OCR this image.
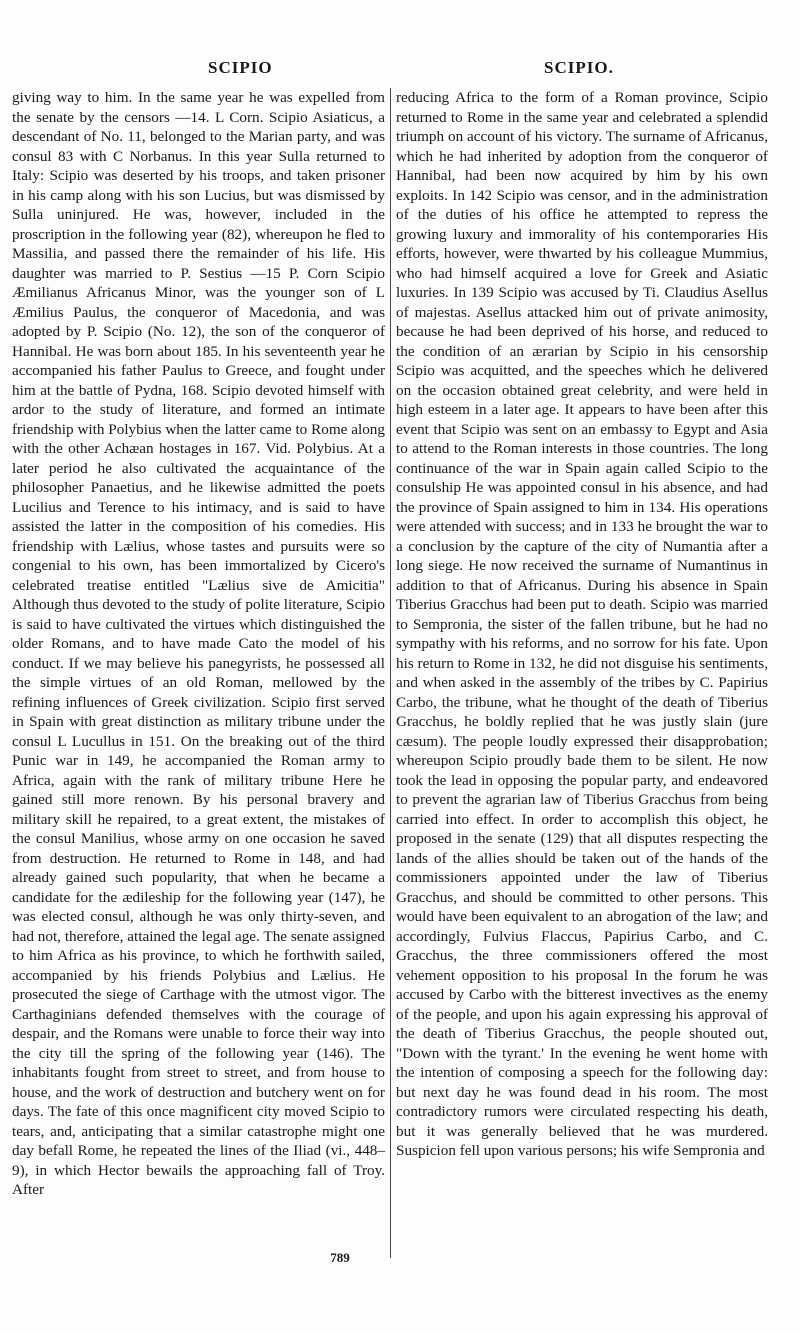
SCIPIO	SCIPIO.

giving way to him. In the same year he was expelled from the senate by the censors —14. L Corn. Scipio Asiaticus, a descendant of No. 11, belonged to the Marian party, and was consul 83 with C Norbanus. In this year Sulla returned to Italy: Scipio was deserted by his troops, and taken prisoner in his camp along with his son Lucius, but was dismissed by Sulla uninjured. He was, however, included in the proscription in the following year (82), whereupon he fled to Massilia, and passed there the remainder of his life. His daughter was married to P. Sestius —15 P. Corn Scipio Æmilianus Africanus Minor, was the younger son of L Æmilius Paulus, the conqueror of Macedonia, and was adopted by P. Scipio (No. 12), the son of the conqueror of Hannibal. He was born about 185. In his seventeenth year he accompanied his father Paulus to Greece, and fought under him at the battle of Pydna, 168. Scipio devoted himself with ardor to the study of literature, and formed an intimate friendship with Polybius when the latter came to Rome along with the other Achæan hostages in 167. Vid. Polybius. At a later period he also cultivated the acquaintance of the philosopher Panaetius, and he likewise admitted the poets Lucilius and Terence to his intimacy, and is said to have assisted the latter in the composition of his comedies. His friendship with Lælius, whose tastes and pursuits were so congenial to his own, has been immortalized by Cicero's celebrated treatise entitled "Lælius sive de Amicitia" Although thus devoted to the study of polite literature, Scipio is said to have cultivated the virtues which distinguished the older Romans, and to have made Cato the model of his conduct. If we may believe his panegyrists, he possessed all the simple virtues of an old Roman, mellowed by the refining influences of Greek civilization. Scipio first served in Spain with great distinction as military tribune under the consul L Lucullus in 151. On the breaking out of the third Punic war in 149, he accompanied the Roman army to Africa, again with the rank of military tribune Here he gained still more renown. By his personal bravery and military skill he repaired, to a great extent, the mistakes of the consul Manilius, whose army on one occasion he saved from destruction. He returned to Rome in 148, and had already gained such popularity, that when he became a candidate for the ædileship for the following year (147), he was elected consul, although he was only thirty-seven, and had not, therefore, attained the legal age. The senate assigned to him Africa as his province, to which he forthwith sailed, accompanied by his friends Polybius and Lælius. He prosecuted the siege of Carthage with the utmost vigor. The Carthaginians defended themselves with the courage of despair, and the Romans were unable to force their way into the city till the spring of the following year (146). The inhabitants fought from street to street, and from house to house, and the work of destruction and butchery went on for days. The fate of this once magnificent city moved Scipio to tears, and, anticipating that a similar catastrophe might one day befall Rome, he repeated the lines of the Iliad (vi., 448–9), in which Hector bewails the approaching fall of Troy. After

reducing Africa to the form of a Roman province, Scipio returned to Rome in the same year and celebrated a splendid triumph on account of his victory. The surname of Africanus, which he had inherited by adoption from the conqueror of Hannibal, had been now acquired by him by his own exploits. In 142 Scipio was censor, and in the administration of the duties of his office he attempted to repress the growing luxury and immorality of his contemporaries His efforts, however, were thwarted by his colleague Mummius, who had himself acquired a love for Greek and Asiatic luxuries. In 139 Scipio was accused by Ti. Claudius Asellus of majestas. Asellus attacked him out of private animosity, because he had been deprived of his horse, and reduced to the condition of an ærarian by Scipio in his censorship Scipio was acquitted, and the speeches which he delivered on the occasion obtained great celebrity, and were held in high esteem in a later age. It appears to have been after this event that Scipio was sent on an embassy to Egypt and Asia to attend to the Roman interests in those countries. The long continuance of the war in Spain again called Scipio to the consulship He was appointed consul in his absence, and had the province of Spain assigned to him in 134. His operations were attended with success; and in 133 he brought the war to a conclusion by the capture of the city of Numantia after a long siege. He now received the surname of Numantinus in addition to that of Africanus. During his absence in Spain Tiberius Gracchus had been put to death. Scipio was married to Sempronia, the sister of the fallen tribune, but he had no sympathy with his reforms, and no sorrow for his fate. Upon his return to Rome in 132, he did not disguise his sentiments, and when asked in the assembly of the tribes by C. Papirius Carbo, the tribune, what he thought of the death of Tiberius Gracchus, he boldly replied that he was justly slain (jure cæsum). The people loudly expressed their disapprobation; whereupon Scipio proudly bade them to be silent. He now took the lead in opposing the popular party, and endeavored to prevent the agrarian law of Tiberius Gracchus from being carried into effect. In order to accomplish this object, he proposed in the senate (129) that all disputes respecting the lands of the allies should be taken out of the hands of the commissioners appointed under the law of Tiberius Gracchus, and should be committed to other persons. This would have been equivalent to an abrogation of the law; and accordingly, Fulvius Flaccus, Papirius Carbo, and C. Gracchus, the three commissioners offered the most vehement opposition to his proposal In the forum he was accused by Carbo with the bitterest invectives as the enemy of the people, and upon his again expressing his approval of the death of Tiberius Gracchus, the people shouted out, "Down with the tyrant.' In the evening he went home with the intention of composing a speech for the following day: but next day he was found dead in his room. The most contradictory rumors were circulated respecting his death, but it was generally believed that he was murdered. Suspicion fell upon various persons; his wife Sempronia and

789
